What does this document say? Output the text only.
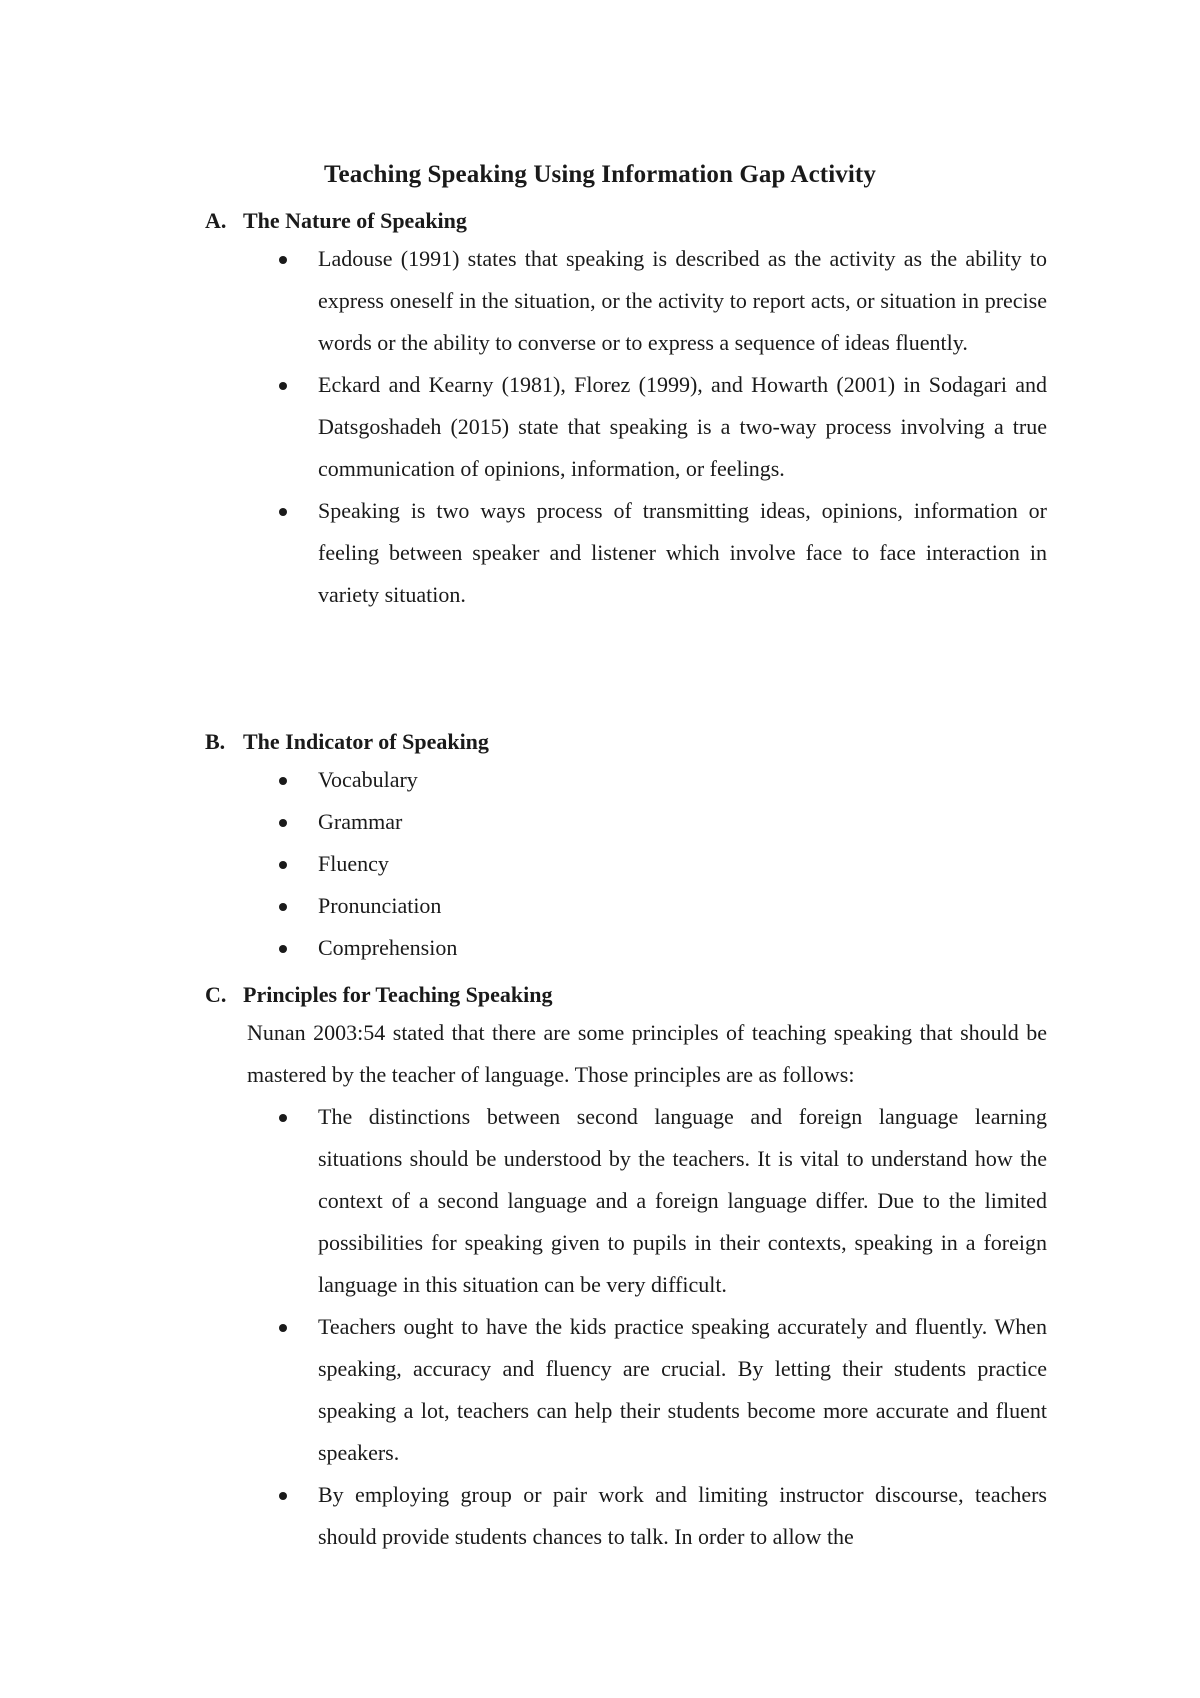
Teaching Speaking Using Information Gap Activity
A. The Nature of Speaking
Ladouse (1991) states that speaking is described as the activity as the ability to express oneself in the situation, or the activity to report acts, or situation in precise words or the ability to converse or to express a sequence of ideas fluently.
Eckard and Kearny (1981), Florez (1999), and Howarth (2001) in Sodagari and Datsgoshadeh (2015) state that speaking is a two-way process involving a true communication of opinions, information, or feelings.
Speaking is two ways process of transmitting ideas, opinions, information or feeling between speaker and listener which involve face to face interaction in variety situation.
B. The Indicator of Speaking
Vocabulary
Grammar
Fluency
Pronunciation
Comprehension
C. Principles for Teaching Speaking
Nunan 2003:54 stated that there are some principles of teaching speaking that should be mastered by the teacher of language. Those principles are as follows:
The distinctions between second language and foreign language learning situations should be understood by the teachers. It is vital to understand how the context of a second language and a foreign language differ. Due to the limited possibilities for speaking given to pupils in their contexts, speaking in a foreign language in this situation can be very difficult.
Teachers ought to have the kids practice speaking accurately and fluently. When speaking, accuracy and fluency are crucial. By letting their students practice speaking a lot, teachers can help their students become more accurate and fluent speakers.
By employing group or pair work and limiting instructor discourse, teachers should provide students chances to talk. In order to allow the
